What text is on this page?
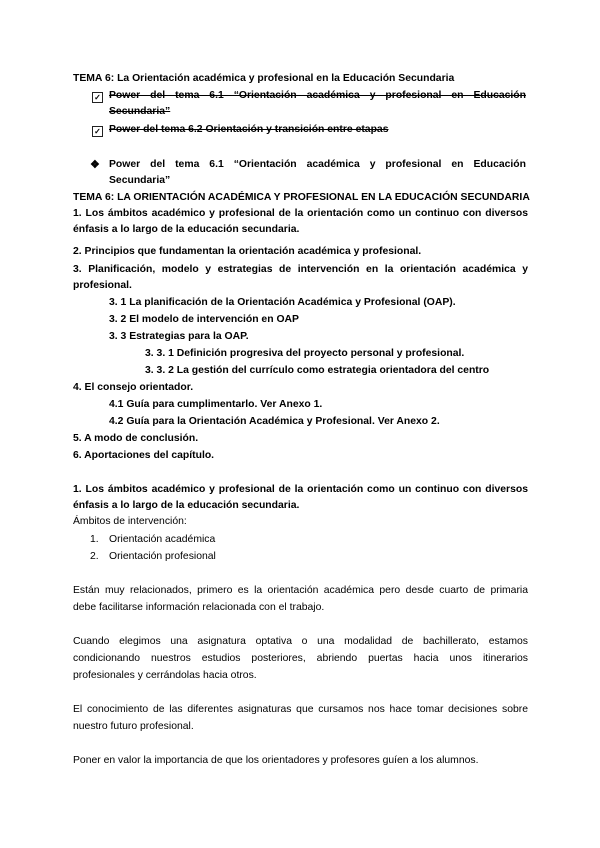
TEMA 6: La Orientación académica y profesional en la Educación Secundaria

✓ Power del tema 6.1 “Orientación académica y profesional en Educación

Secundaria”

✓ Power del tema 6.2 Orientación y transición entre etapas

❖ Power del tema 6.1 “Orientación académica y profesional en Educación

Secundaria”

TEMA 6: LA ORIENTACIÓN ACADÉMICA Y PROFESIONAL EN LA EDUCACIÓN SECUNDARIA

1. Los ámbitos académico y profesional de la orientación como un continuo con diversos

énfasis a lo largo de la educación secundaria.

2. Principios que fundamentan la orientación académica y profesional.

3. Planificación, modelo y estrategias de intervención en la orientación académica y

profesional.

3. 1 La planificación de la Orientación Académica y Profesional (OAP).

3. 2 El modelo de intervención en OAP

3. 3 Estrategias para la OAP.

3. 3. 1 Definición progresiva del proyecto personal y profesional.

3. 3. 2 La gestión del currículo como estrategia orientadora del centro

4. El consejo orientador.

4.1 Guía para cumplimentarlo. Ver Anexo 1.

4.2 Guía para la Orientación Académica y Profesional. Ver Anexo 2.

5. A modo de conclusión.

6. Aportaciones del capítulo.

1. Los ámbitos académico y profesional de la orientación como un continuo con diversos

énfasis a lo largo de la educación secundaria.

Ámbitos de intervención:

1. Orientación académica

2. Orientación profesional

Están muy relacionados, primero es la orientación académica pero desde cuarto de primaria

debe facilitarse información relacionada con el trabajo.

Cuando elegimos una asignatura optativa o una modalidad de bachillerato, estamos

condicionando nuestros estudios posteriores, abriendo puertas hacia unos itinerarios

profesionales y cerrándolas hacia otros.

El conocimiento de las diferentes asignaturas que cursamos nos hace tomar decisiones sobre

nuestro futuro profesional.

Poner en valor la importancia de que los orientadores y profesores guíen a los alumnos.
